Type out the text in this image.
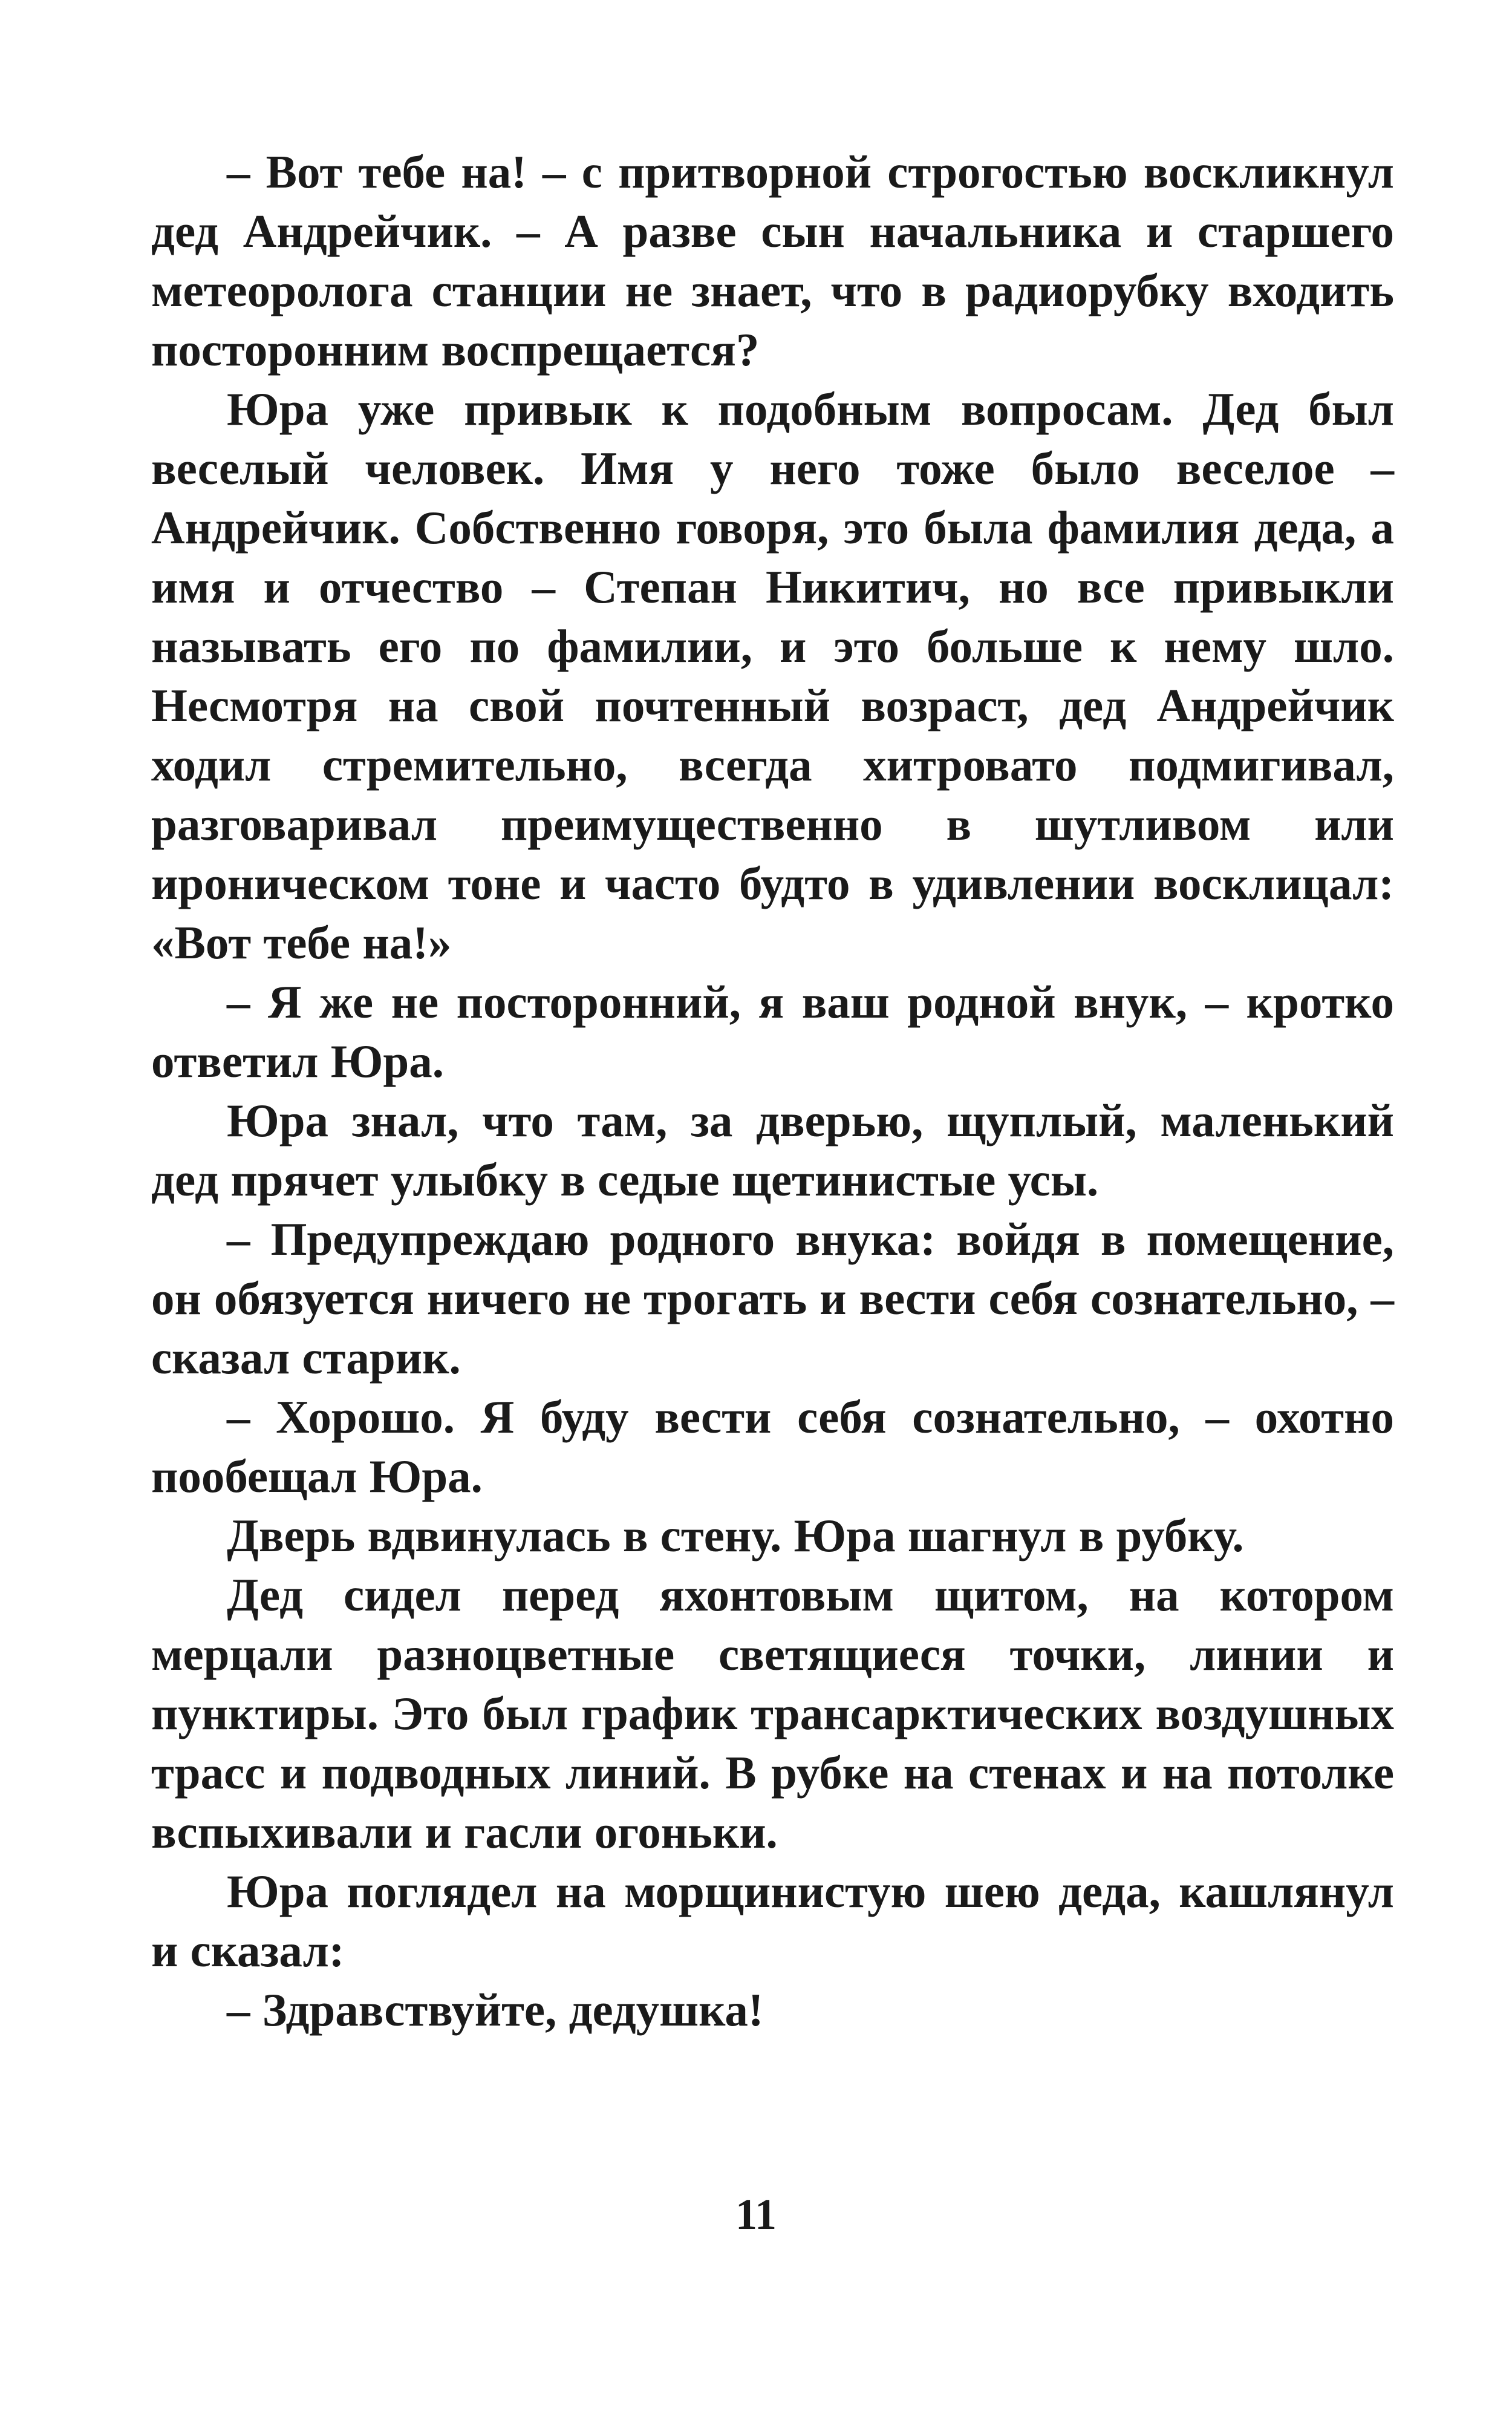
– Вот тебе на! – с притворной строгостью воскликнул дед Андрейчик. – А разве сын начальника и старшего метеоролога станции не знает, что в радиорубку входить посторонним воспрещается?

Юра уже привык к подобным вопросам. Дед был веселый человек. Имя у него тоже было веселое – Андрейчик. Собственно говоря, это была фамилия деда, а имя и отчество – Степан Никитич, но все привыкли называть его по фамилии, и это больше к нему шло. Несмотря на свой почтенный возраст, дед Андрейчик ходил стремительно, всегда хитровато подмигивал, разговаривал преимущественно в шутливом или ироническом тоне и часто будто в удивлении восклицал: «Вот тебе на!»

– Я же не посторонний, я ваш родной внук, – кротко ответил Юра.

Юра знал, что там, за дверью, щуплый, маленький дед прячет улыбку в седые щетинистые усы.

– Предупреждаю родного внука: войдя в помещение, он обязуется ничего не трогать и вести себя сознательно, – сказал старик.

– Хорошо. Я буду вести себя сознательно, – охотно пообещал Юра.

Дверь вдвинулась в стену. Юра шагнул в рубку.

Дед сидел перед яхонтовым щитом, на котором мерцали разноцветные светящиеся точки, линии и пунктиры. Это был график трансарктических воздушных трасс и подводных линий. В рубке на стенах и на потолке вспыхивали и гасли огоньки.

Юра поглядел на морщинистую шею деда, кашлянул и сказал:

– Здравствуйте, дедушка!

11
